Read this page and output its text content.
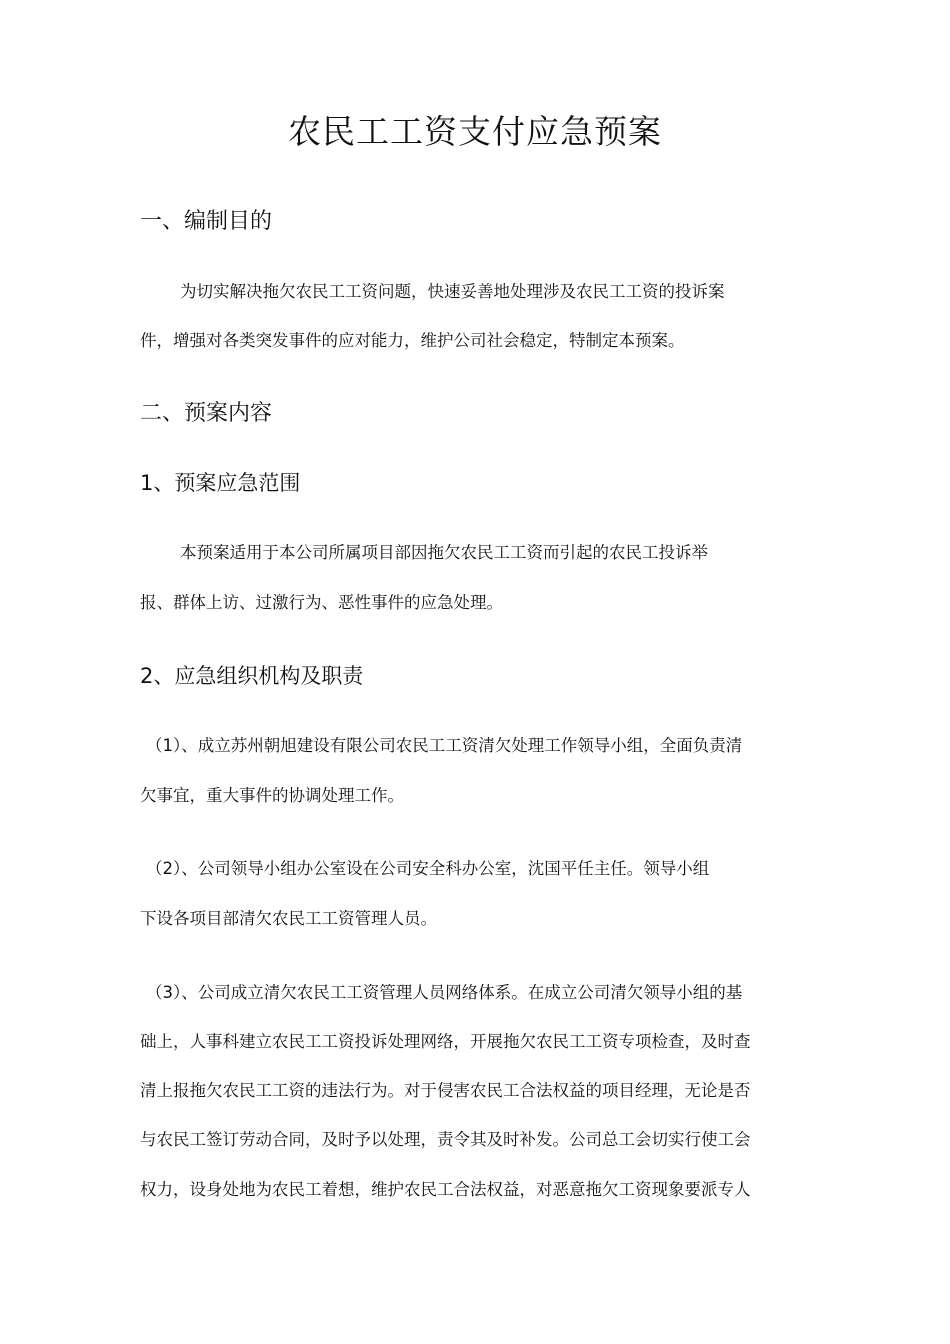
农民工工资支付应急预案
一、编制目的

为切实解决拖欠农民工工资问题，快速妥善地处理涉及农民工工资的投诉案

件，增强对各类突发事件的应对能力，维护公司社会稳定，特制定本预案。

二、预案内容
1、预案应急范围

本预案适用于本公司所属项目部因拖欠农民工工资而引起的农民工投诉举

报、群体上访、过激行为、恶性事件的应急处理。

2、应急组织机构及职责

（1）、成立苏州朝旭建设有限公司农民工工资清欠处理工作领导小组，全面负责清

欠事宜，重大事件的协调处理工作。

（2）、公司领导小组办公室设在公司安全科办公室，沈国平任主任。领导小组

下设各项目部清欠农民工工资管理人员。

（3）、公司成立清欠农民工工资管理人员网络体系。在成立公司清欠领导小组的基

础上，人事科建立农民工工资投诉处理网络，开展拖欠农民工工资专项检查，及时查

清上报拖欠农民工工资的违法行为。对于侵害农民工合法权益的项目经理，无论是否

与农民工签订劳动合同，及时予以处理，责令其及时补发。公司总工会切实行使工会

权力，设身处地为农民工着想，维护农民工合法权益，对恶意拖欠工资现象要派专人
